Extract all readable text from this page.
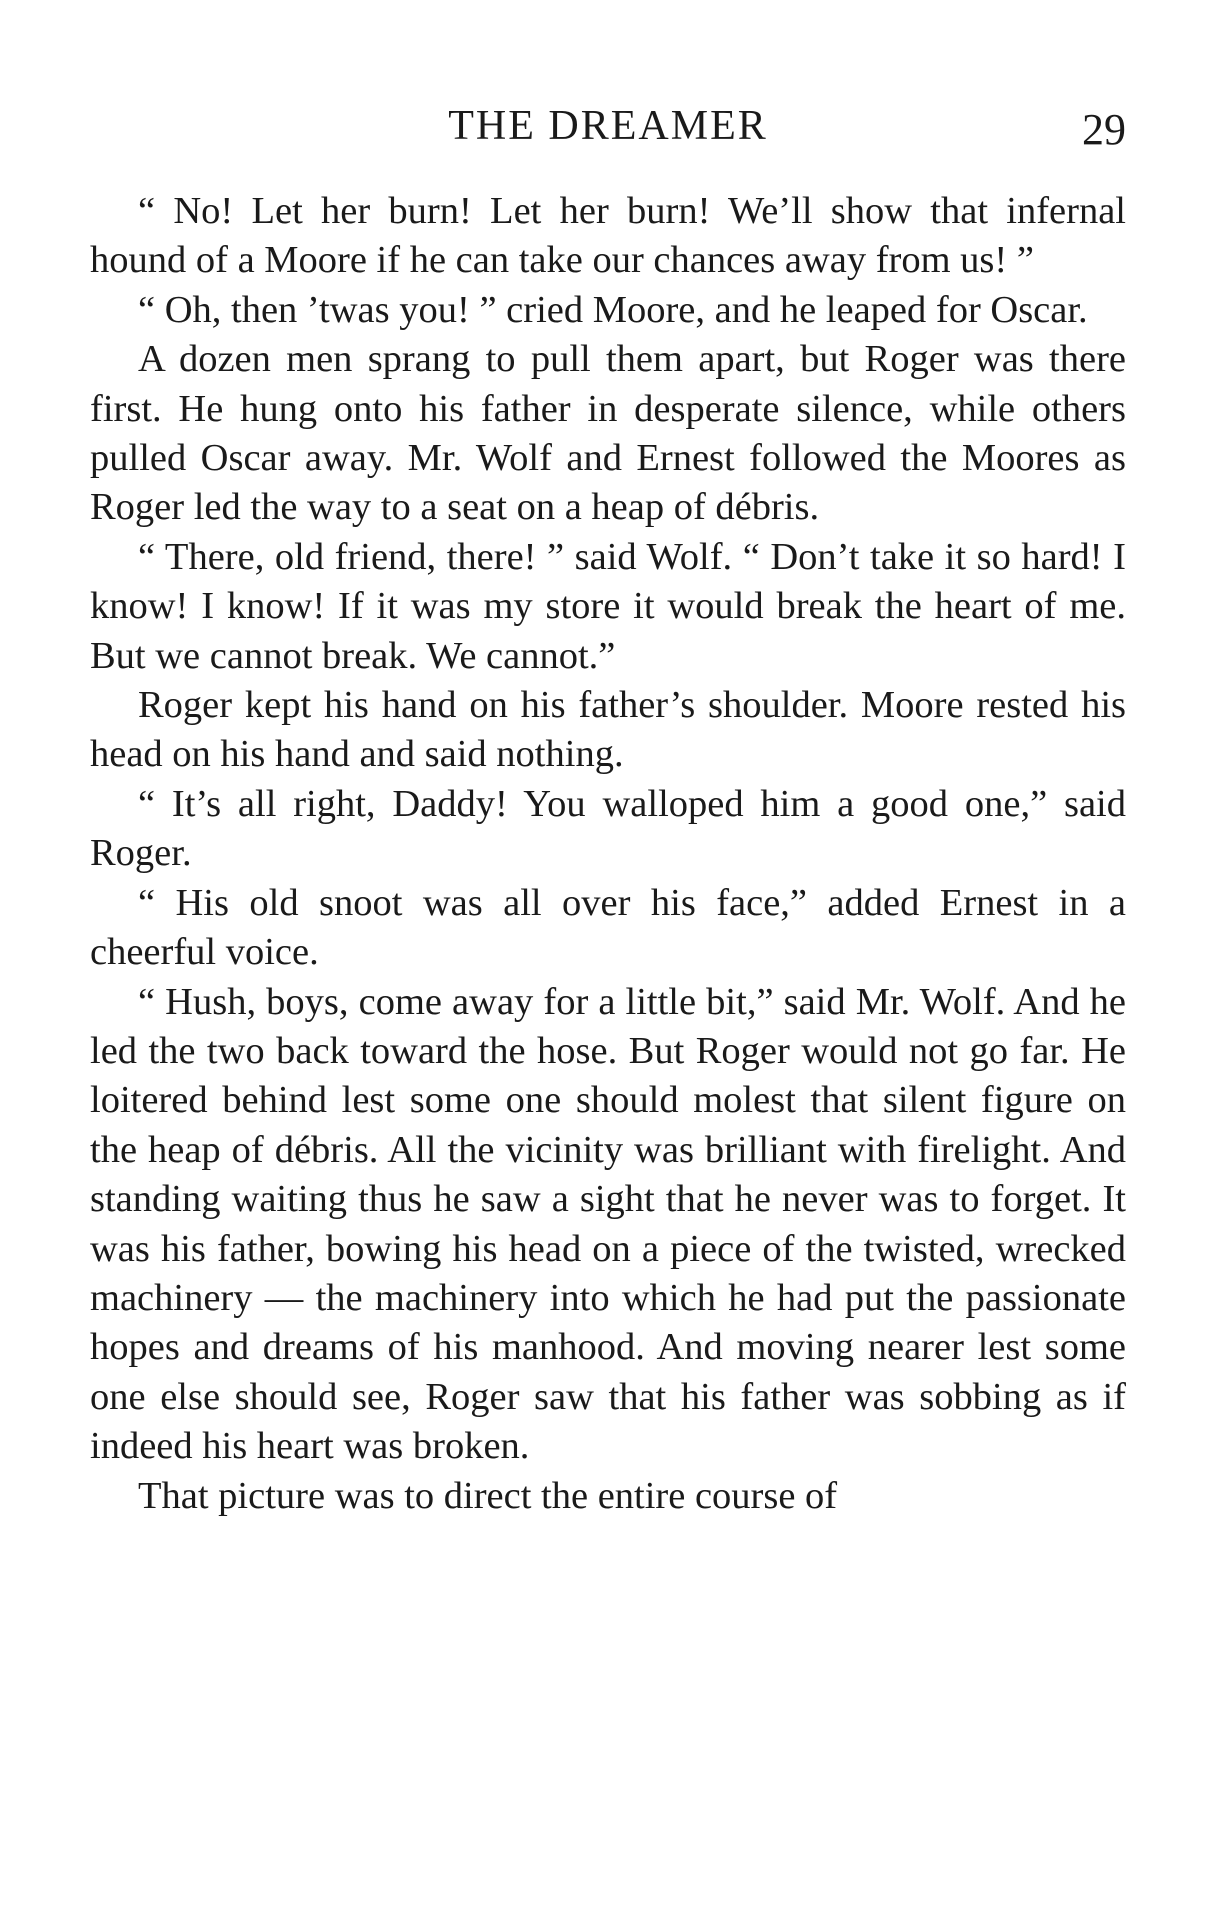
THE DREAMER	29

“ No! Let her burn! Let her burn! We’ll show that infernal hound of a Moore if he can take our chances away from us! ”

“ Oh, then ’twas you! ” cried Moore, and he leaped for Oscar.

A dozen men sprang to pull them apart, but Roger was there first. He hung onto his father in desperate silence, while others pulled Oscar away. Mr. Wolf and Ernest followed the Moores as Roger led the way to a seat on a heap of débris.

“ There, old friend, there! ” said Wolf. “ Don’t take it so hard! I know! I know! If it was my store it would break the heart of me. But we cannot break. We cannot.”

Roger kept his hand on his father’s shoulder. Moore rested his head on his hand and said nothing.

“ It’s all right, Daddy! You walloped him a good one,” said Roger.

“ His old snoot was all over his face,” added Ernest in a cheerful voice.

“ Hush, boys, come away for a little bit,” said Mr. Wolf. And he led the two back toward the hose. But Roger would not go far. He loitered behind lest some one should molest that silent figure on the heap of débris. All the vicinity was brilliant with firelight. And standing waiting thus he saw a sight that he never was to forget. It was his father, bowing his head on a piece of the twisted, wrecked machinery — the machinery into which he had put the passionate hopes and dreams of his manhood. And moving nearer lest some one else should see, Roger saw that his father was sobbing as if indeed his heart was broken.

That picture was to direct the entire course of
